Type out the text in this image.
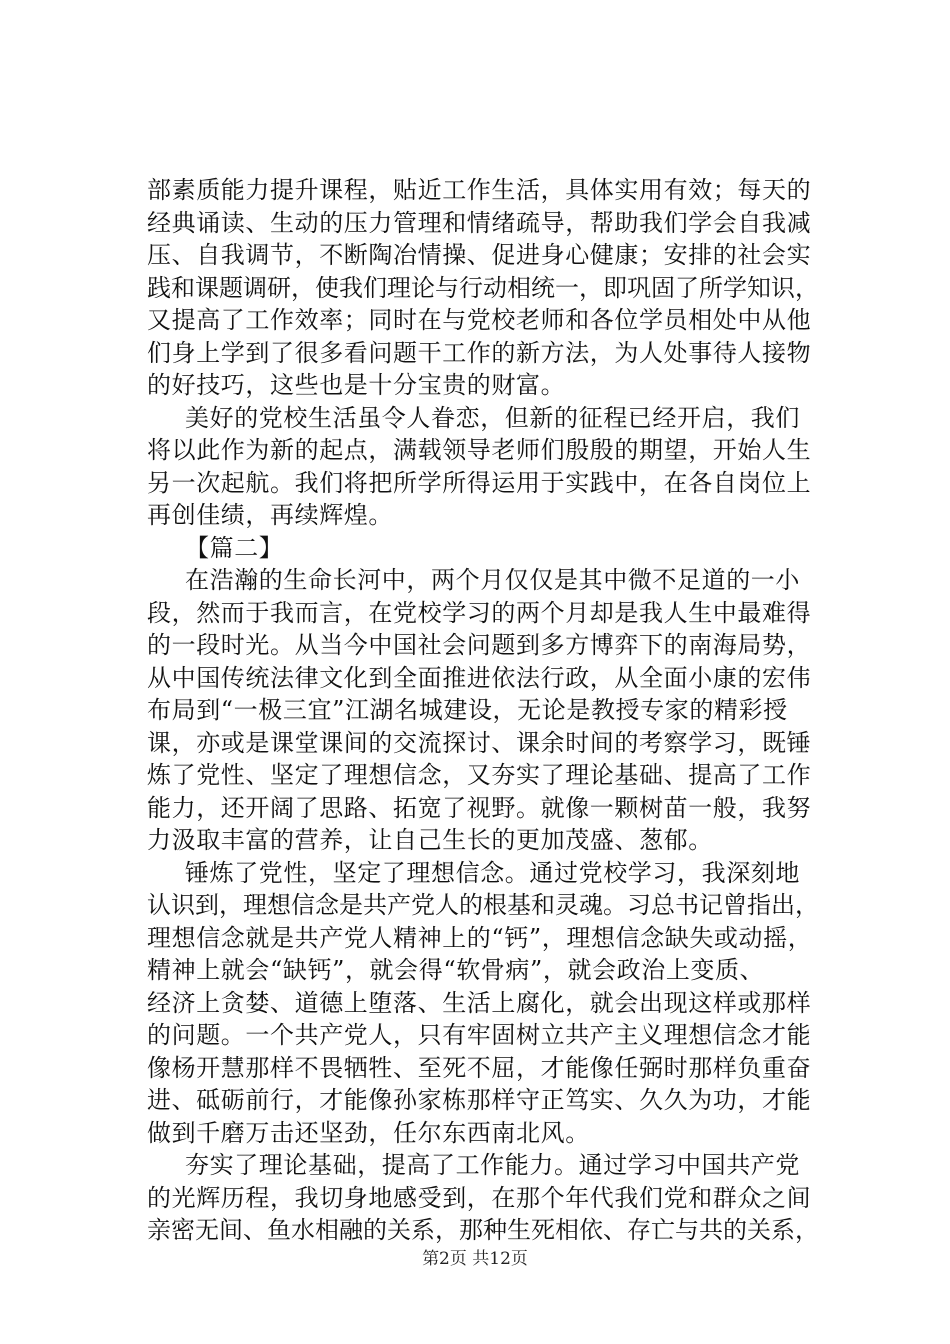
部素质能力提升课程，贴近工作生活，具体实用有效；每天的
经典诵读、生动的压力管理和情绪疏导，帮助我们学会自我减
压、自我调节，不断陶冶情操、促进身心健康；安排的社会实
践和课题调研，使我们理论与行动相统一，即巩固了所学知识，
又提高了工作效率；同时在与党校老师和各位学员相处中从他
们身上学到了很多看问题干工作的新方法，为人处事待人接物
的好技巧，这些也是十分宝贵的财富。
美好的党校生活虽令人眷恋，但新的征程已经开启，我们
将以此作为新的起点，满载领导老师们殷殷的期望，开始人生
另一次起航。我们将把所学所得运用于实践中，在各自岗位上
再创佳绩，再续辉煌。
【篇二】
在浩瀚的生命长河中，两个月仅仅是其中微不足道的一小
段，然而于我而言，在党校学习的两个月却是我人生中最难得
的一段时光。从当今中国社会问题到多方博弈下的南海局势，
从中国传统法律文化到全面推进依法行政，从全面小康的宏伟
布局到“一极三宜”江湖名城建设，无论是教授专家的精彩授
课，亦或是课堂课间的交流探讨、课余时间的考察学习，既锤
炼了党性、坚定了理想信念，又夯实了理论基础、提高了工作
能力，还开阔了思路、拓宽了视野。就像一颗树苗一般，我努
力汲取丰富的营养，让自己生长的更加茂盛、葱郁。
锤炼了党性，坚定了理想信念。通过党校学习，我深刻地
认识到，理想信念是共产党人的根基和灵魂。习总书记曾指出，
理想信念就是共产党人精神上的“钙”，理想信念缺失或动摇，
精神上就会“缺钙”，就会得“软骨病”，就会政治上变质、
经济上贪婪、道德上堕落、生活上腐化，就会出现这样或那样
的问题。一个共产党人，只有牢固树立共产主义理想信念才能
像杨开慧那样不畏牺牲、至死不屈，才能像任弼时那样负重奋
进、砥砺前行，才能像孙家栋那样守正笃实、久久为功，才能
做到千磨万击还坚劲，任尔东西南北风。
夯实了理论基础，提高了工作能力。通过学习中国共产党
的光辉历程，我切身地感受到，在那个年代我们党和群众之间
亲密无间、鱼水相融的关系，那种生死相依、存亡与共的关系，
第2页 共12页
